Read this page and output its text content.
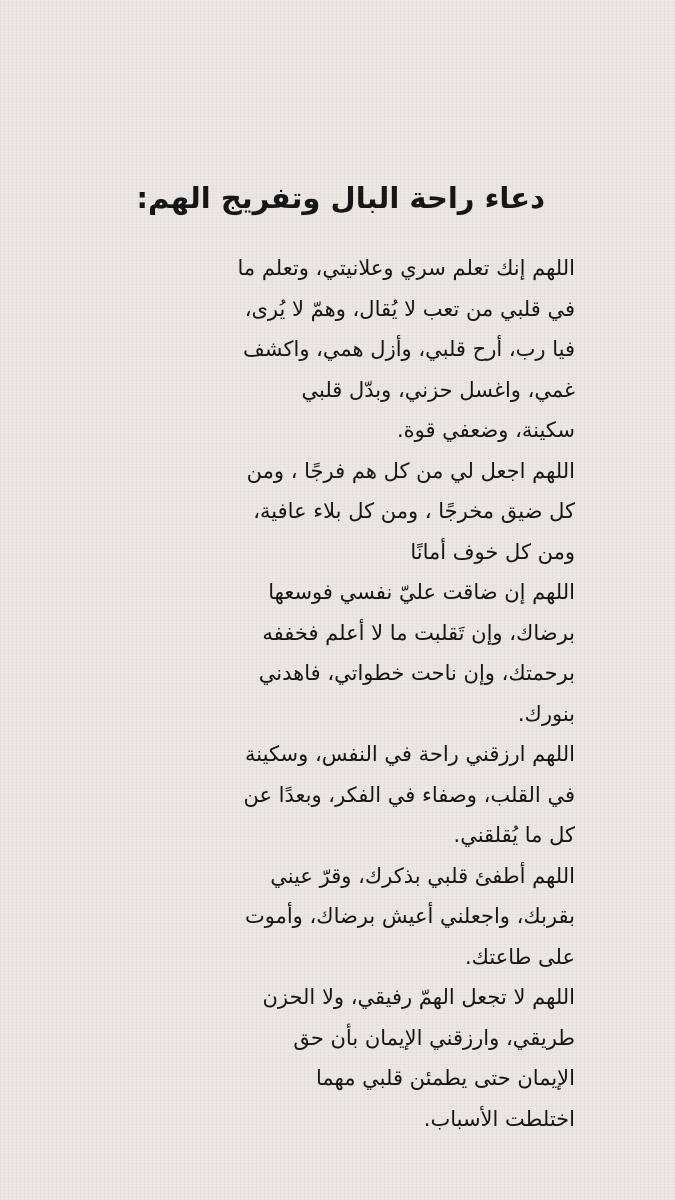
دعاء راحة البال وتفريج الهم:
اللهم إنك تعلم سري وعلانيتي، وتعلم ما
في قلبي من تعب لا يُقال، وهمّ لا يُرى،
فيا رب، أرح قلبي، وأزل همي، واكشف
غمي، واغسل حزني، وبدّل قلبي
سكينة، وضعفي قوة.
اللهم اجعل لي من كل هم فرجًا ، ومن
كل ضيق مخرجًا ، ومن كل بلاء عافية،
ومن كل خوف أمانًا
اللهم إن ضاقت عليّ نفسي فوسعها
برضاك، وإن تَقلبت ما لا أعلم فخففه
برحمتك، وإن ناحت خطواتي، فاهدني
بنورك.
اللهم ارزقني راحة في النفس، وسكينة
في القلب، وصفاء في الفكر، وبعدًا عن
كل ما يُقلقني.
اللهم أطفئ قلبي بذكرك، وقرّ عيني
بقربك، واجعلني أعيش برضاك، وأموت
على طاعتك.
اللهم لا تجعل الهمّ رفيقي، ولا الحزن
طريقي، وارزقني الإيمان بأن حق
الإيمان حتى يطمئن قلبي مهما
اختلطت الأسباب.
